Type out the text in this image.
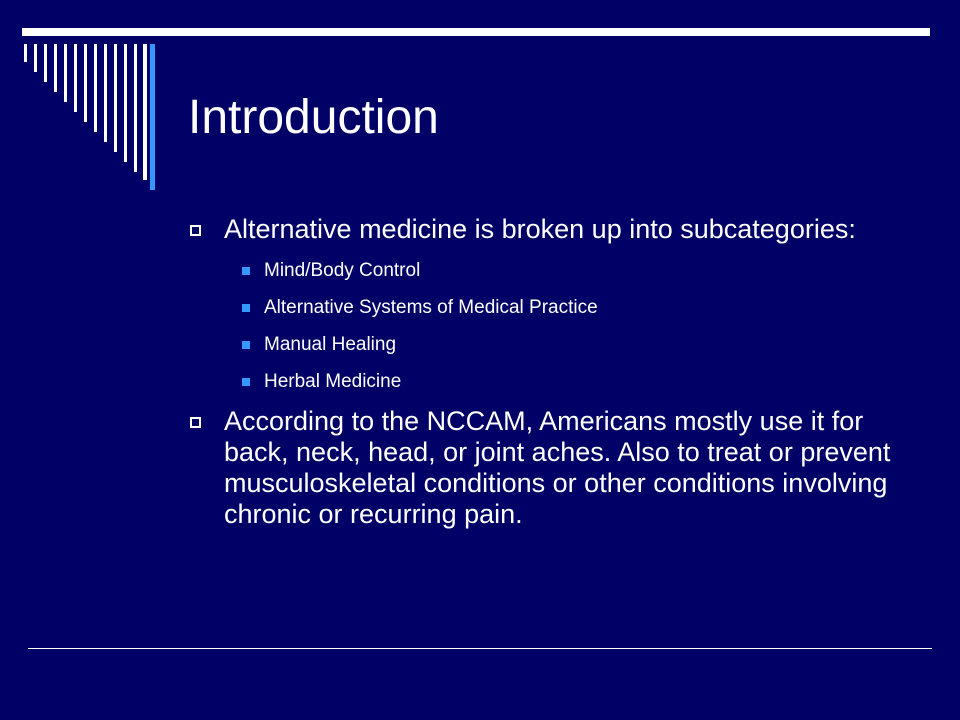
Introduction
Alternative medicine is broken up into subcategories:
Mind/Body Control
Alternative Systems of Medical Practice
Manual Healing
Herbal Medicine
According to the NCCAM, Americans mostly use it for back, neck, head, or joint aches. Also to treat or prevent musculoskeletal conditions or other conditions involving chronic or recurring pain.
